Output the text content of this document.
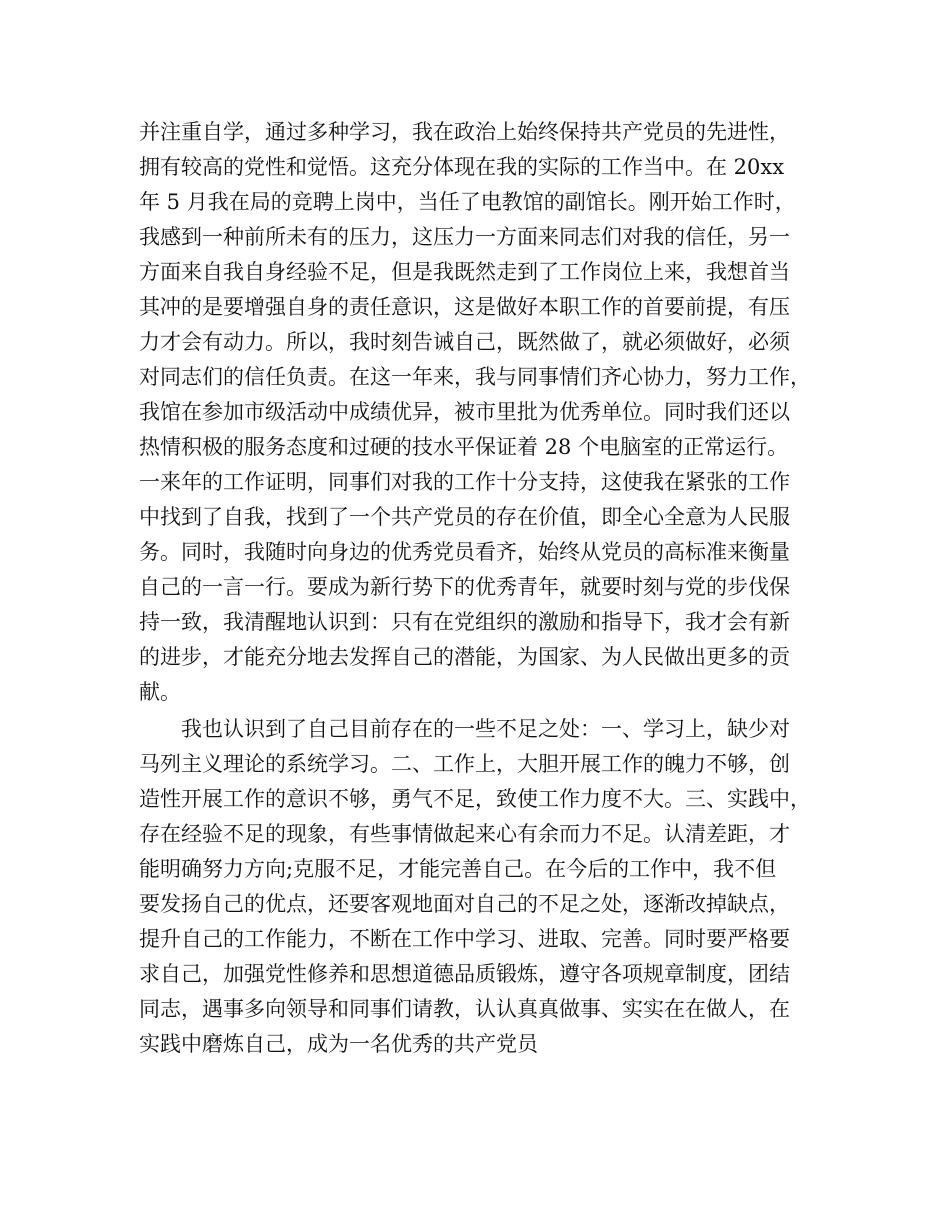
并注重自学，通过多种学习，我在政治上始终保持共产党员的先进性，
拥有较高的党性和觉悟。这充分体现在我的实际的工作当中。在 20xx
年 5 月我在局的竞聘上岗中，当任了电教馆的副馆长。刚开始工作时，
我感到一种前所未有的压力，这压力一方面来同志们对我的信任，另一
方面来自我自身经验不足，但是我既然走到了工作岗位上来，我想首当
其冲的是要增强自身的责任意识，这是做好本职工作的首要前提，有压
力才会有动力。所以，我时刻告诫自己，既然做了，就必须做好，必须
对同志们的信任负责。在这一年来，我与同事情们齐心协力，努力工作，
我馆在参加市级活动中成绩优异，被市里批为优秀单位。同时我们还以
热情积极的服务态度和过硬的技水平保证着 28 个电脑室的正常运行。
一来年的工作证明，同事们对我的工作十分支持，这使我在紧张的工作
中找到了自我，找到了一个共产党员的存在价值，即全心全意为人民服
务。同时，我随时向身边的优秀党员看齐，始终从党员的高标准来衡量
自己的一言一行。要成为新行势下的优秀青年，就要时刻与党的步伐保
持一致，我清醒地认识到：只有在党组织的激励和指导下，我才会有新
的进步，才能充分地去发挥自己的潜能，为国家、为人民做出更多的贡
献。
　　我也认识到了自己目前存在的一些不足之处：一、学习上，缺少对
马列主义理论的系统学习。二、工作上，大胆开展工作的魄力不够，创
造性开展工作的意识不够，勇气不足，致使工作力度不大。三、实践中，
存在经验不足的现象，有些事情做起来心有余而力不足。认清差距，才
能明确努力方向;克服不足，才能完善自己。在今后的工作中，我不但
要发扬自己的优点，还要客观地面对自己的不足之处，逐渐改掉缺点，
提升自己的工作能力，不断在工作中学习、进取、完善。同时要严格要
求自己，加强党性修养和思想道德品质锻炼，遵守各项规章制度，团结
同志，遇事多向领导和同事们请教，认认真真做事、实实在在做人，在
实践中磨炼自己，成为一名优秀的共产党员
